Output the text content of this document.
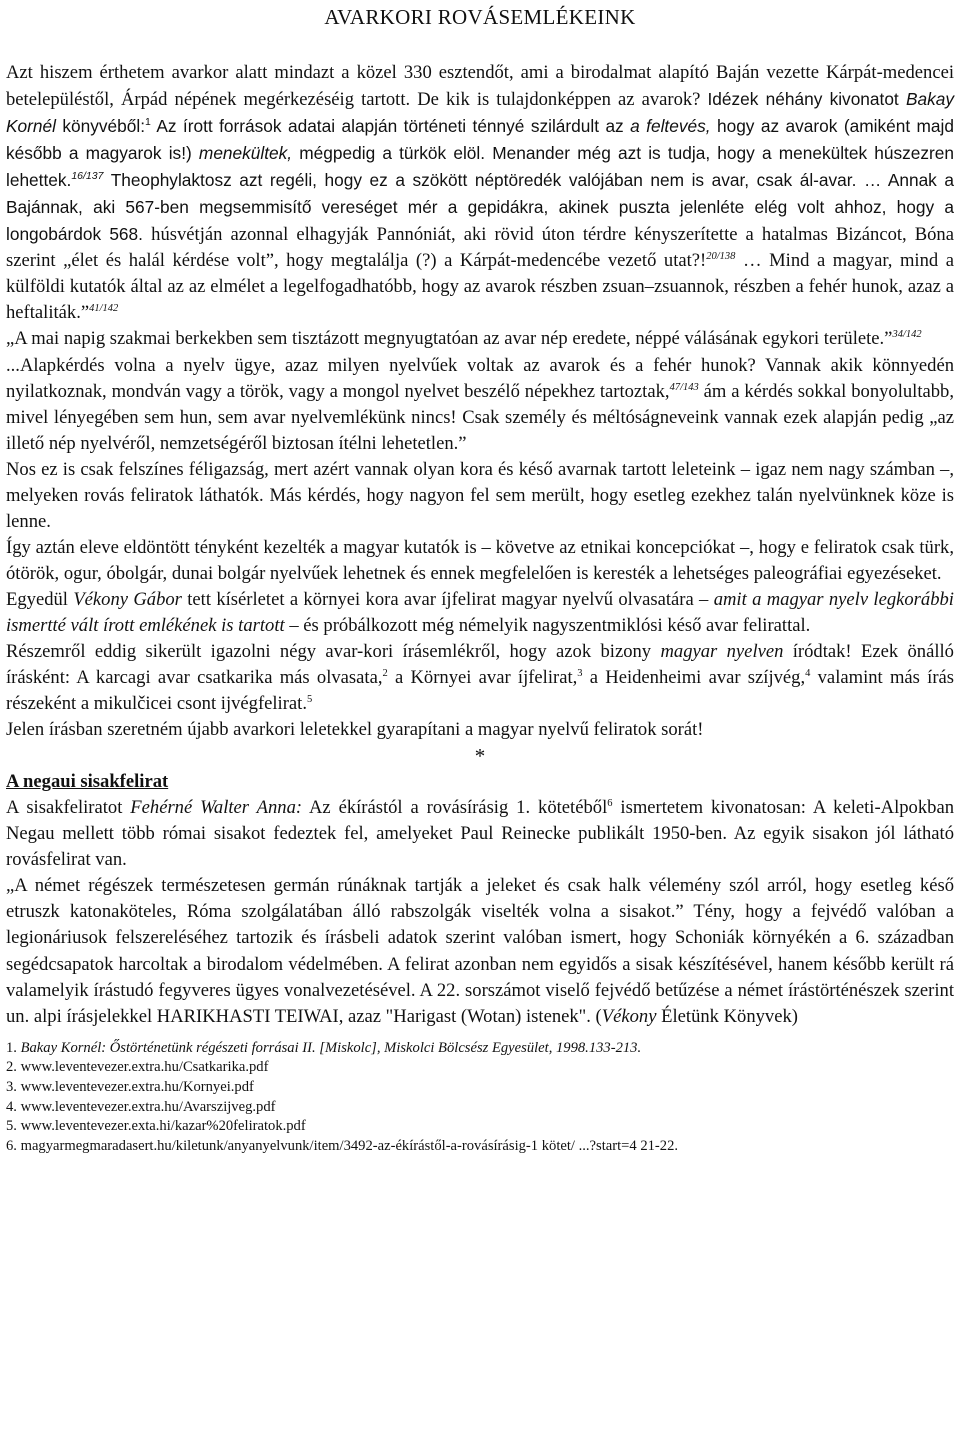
AVARKORI ROVÁSEMLÉKEINK

Azt hiszem érthetem avarkor alatt mindazt a közel 330 esztendőt, ami a birodalmat alapító Baján vezette Kárpát-medencei betelepüléstől, Árpád népének megérkezéséig tartott. De kik is tulajdonképpen az avarok? Idézek néhány kivonatot Bakay Kornél könyvéből:$^1$ Az írott források adatai alapján történeti ténnyé szilárdult az a feltevés, hogy az avarok (amiként majd később a magyarok is!) menekültek, mégpedig a türkök elöl. Menander még azt is tudja, hogy a menekültek húszezren lehettek.$^{16/137}$ Theophylaktosz azt regéli, hogy ez a szökött néptöredék valójában nem is avar, csak ál-avar. … Annak a Bajánnak, aki 567-ben megsemmisítő vereséget mér a gepidákra, akinek puszta jelenléte elég volt ahhoz, hogy a longobárdok 568. húsvétján azonnal elhagyják Pannóniát, aki rövid úton térdre kényszerítette a hatalmas Bizáncot, Bóna szerint „élet és halál kérdése volt”, hogy megtalálja (?) a Kárpát-medencébe vezető utat?!$^{20/138}$ … Mind a magyar, mind a külföldi kutatók által az az elmélet a legelfogadhatóbb, hogy az avarok részben zsuan–zsuannok, részben a fehér hunok, azaz a heftaliták.”$^{41/142}$

„A mai napig szakmai berkekben sem tisztázott megnyugtatóan az avar nép eredete, néppé válásának egykori területe.”$^{34/142}$

...Alapkérdés volna a nyelv ügye, azaz milyen nyelvűek voltak az avarok és a fehér hunok? Vannak akik könnyedén nyilatkoznak, mondván vagy a török, vagy a mongol nyelvet beszélő népekhez tartoztak,$^{47/143}$ ám a kérdés sokkal bonyolultabb, mivel lényegében sem hun, sem avar nyelvemlékünk nincs! Csak személy és méltóságneveink vannak ezek alapján pedig „az illető nép nyelvéről, nemzetségéről biztosan ítélni lehetetlen.”

Nos ez is csak felszínes féligazság, mert azért vannak olyan kora és késő avarnak tartott leleteink – igaz nem nagy számban –, melyeken rovás feliratok láthatók. Más kérdés, hogy nagyon fel sem merült, hogy esetleg ezekhez talán nyelvünknek köze is lenne.

Így aztán eleve eldöntött tényként kezelték a magyar kutatók is – követve az etnikai koncepciókat –, hogy e feliratok csak türk, ótörök, ogur, óbolgár, dunai bolgár nyelvűek lehetnek és ennek megfelelően is keresték a lehetséges paleográfiai egyezéseket.

Egyedül Vékony Gábor tett kísérletet a környei kora avar íjfelirat magyar nyelvű olvasatára – amit a magyar nyelv legkorábbi ismertté vált írott emlékének is tartott – és próbálkozott még némelyik nagyszentmiklósi késő avar felirattal.

Részemről eddig sikerült igazolni négy avar-kori írásemlékről, hogy azok bizony magyar nyelven íródtak! Ezek önálló írásként: A karcagi avar csatkarika más olvasata,$^2$ a Környei avar íjfelirat,$^3$ a Heidenheimi avar szíjvég,$^4$ valamint más írás részeként a mikulčicei csont ijvégfelirat.$^5$

Jelen írásban szeretném újabb avarkori leletekkel gyarapítani a magyar nyelvű feliratok sorát!

*
A negaui sisakfelirat

A sisakfeliratot Fehérné Walter Anna: Az ékírástól a rovásírásig 1. kötetéből$^6$ ismertetem kivonatosan: A keleti-Alpokban Negau mellett több római sisakot fedeztek fel, amelyeket Paul Reinecke publikált 1950-ben. Az egyik sisakon jól látható rovásfelirat van.

„A német régészek természetesen germán rúnáknak tartják a jeleket és csak halk vélemény szól arról, hogy esetleg késő etruszk katonaköteles, Róma szolgálatában álló rabszolgák viselték volna a sisakot.” Tény, hogy a fejvédő valóban a legionáriusok felszereléséhez tartozik és írásbeli adatok szerint valóban ismert, hogy Schoniák környékén a 6. században segédcsapatok harcoltak a birodalom védelmében. A felirat azonban nem egyidős a sisak készítésével, hanem később került rá valamelyik írástudó fegyveres ügyes vonalvezetésével. A 22. sorszámot viselő fejvédő betűzése a német írástörténészek szerint un. alpi írásjelekkel HARIKHASTI TEIWAI, azaz "Harigast (Wotan) istenek". (Vékony Életünk Könyvek)

1. Bakay Kornél: Őstörténetünk régészeti forrásai II. [Miskolc], Miskolci Bölcsész Egyesület, 1998.133-213.
2. www.leventevezer.extra.hu/Csatkarika.pdf
3. www.leventevezer.extra.hu/Kornyei.pdf
4. www.leventevezer.extra.hu/Avarszijveg.pdf
5. www.leventevezer.exta.hi/kazar%20feliratok.pdf
6. magyarmegmaradasert.hu/kiletunk/anyanyelvunk/item/3492-az-ékírástől-a-rovásírásig-1 kötet/ ...?start=4 21-22.
